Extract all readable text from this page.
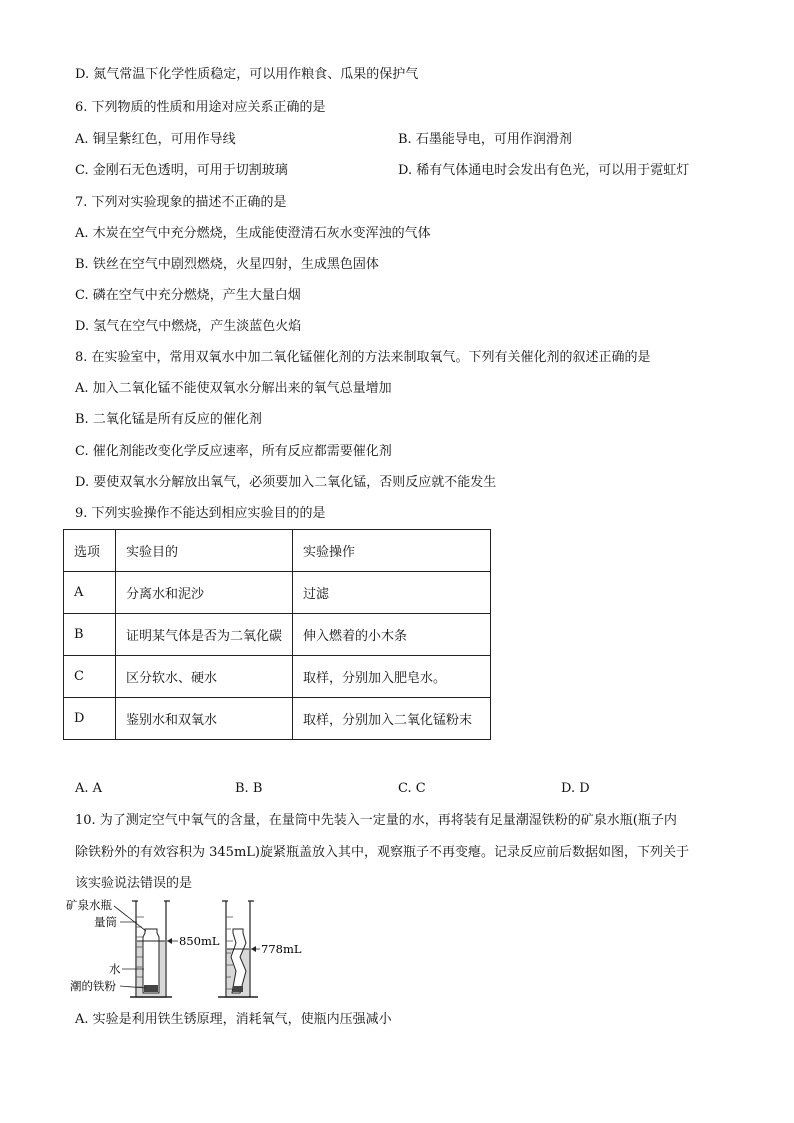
D. 氮气常温下化学性质稳定，可以用作粮食、瓜果的保护气
6. 下列物质的性质和用途对应关系正确的是
A. 铜呈紫红色，可用作导线	B. 石墨能导电，可用作润滑剂
C. 金刚石无色透明，可用于切割玻璃	D. 稀有气体通电时会发出有色光，可以用于霓虹灯
7. 下列对实验现象的描述不正确的是
A. 木炭在空气中充分燃烧，生成能使澄清石灰水变浑浊的气体
B. 铁丝在空气中剧烈燃烧，火星四射，生成黑色固体
C. 磷在空气中充分燃烧，产生大量白烟
D. 氢气在空气中燃烧，产生淡蓝色火焰
8. 在实验室中，常用双氧水中加二氧化锰催化剂的方法来制取氧气。下列有关催化剂的叙述正确的是
A. 加入二氧化锰不能使双氧水分解出来的氧气总量增加
B. 二氧化锰是所有反应的催化剂
C. 催化剂能改变化学反应速率，所有反应都需要催化剂
D. 要使双氧水分解放出氧气，必须要加入二氧化锰，否则反应就不能发生
9. 下列实验操作不能达到相应实验目的的是
选项	实验目的	实验操作
A	分离水和泥沙	过滤
B	证明某气体是否为二氧化碳	伸入燃着的小木条
C	区分软水、硬水	取样，分别加入肥皂水。
D	鉴别水和双氧水	取样，分别加入二氧化锰粉末
A. A	B. B	C. C	D. D
10. 为了测定空气中氧气的含量，在量筒中先装入一定量的水，再将装有足量潮湿铁粉的矿泉水瓶(瓶子内
除铁粉外的有效容积为 345mL)旋紧瓶盖放入其中，观察瓶子不再变瘪。记录反应前后数据如图，下列关于
该实验说法错误的是
矿泉水瓶
量筒
水
潮的铁粉
850mL
778mL
A. 实验是利用铁生锈原理，消耗氧气，使瓶内压强减小
